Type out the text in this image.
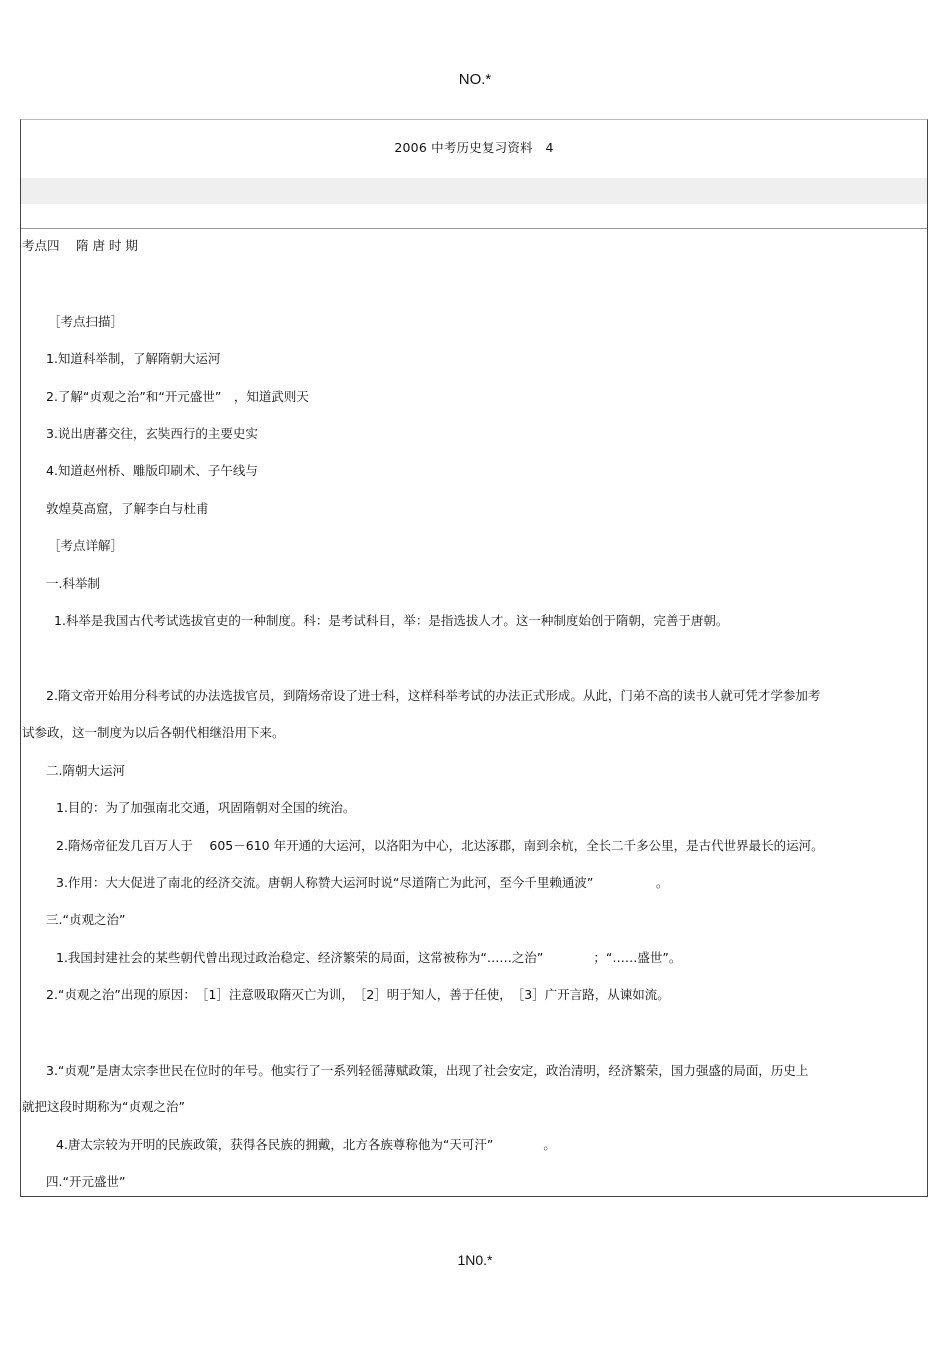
NO.*
2006 中考历史复习资料　4
考点四　 隋 唐 时 期
［考点扫描］
1.知道科举制，了解隋朝大运河
2.了解“贞观之治”和“开元盛世”　，知道武则天
3.说出唐蕃交往，玄奘西行的主要史实
4.知道赵州桥、雕版印刷术、子午线与
敦煌莫高窟，了解李白与杜甫
［考点详解］
一.科举制
1.科举是我国古代考试选拔官吏的一种制度。科：是考试科目，举：是指选拔人才。这一种制度始创于隋朝，完善于唐朝。
2.隋文帝开始用分科考试的办法选拔官员，到隋炀帝设了进士科，这样科举考试的办法正式形成。从此，门弟不高的读书人就可凭才学参加考
试参政，这一制度为以后各朝代相继沿用下来。
二.隋朝大运河
1.目的：为了加强南北交通，巩固隋朝对全国的统治。
2.隋炀帝征发几百万人于　 605－610 年开通的大运河，以洛阳为中心，北达涿郡，南到余杭，全长二千多公里，是古代世界最长的运河。
3.作用：大大促进了南北的经济交流。唐朝人称赞大运河时说“尽道隋亡为此河，至今千里赖通波”　　　　　。
三.“贞观之治”
1.我国封建社会的某些朝代曾出现过政治稳定、经济繁荣的局面，这常被称为“……之治”　　　　；“……盛世”。
2.“贞观之治”出现的原因：　［1］注意吸取隋灭亡为训，　［2］明于知人，善于任使，　［3］广开言路，从谏如流。
3.“贞观”是唐太宗李世民在位时的年号。他实行了一系列轻徭薄赋政策，出现了社会安定，政治清明，经济繁荣，国力强盛的局面，历史上
就把这段时期称为“贞观之治”
4.唐太宗较为开明的民族政策，获得各民族的拥戴，北方各族尊称他为“天可汗”　　　　。
四.“开元盛世”
1N0.*
